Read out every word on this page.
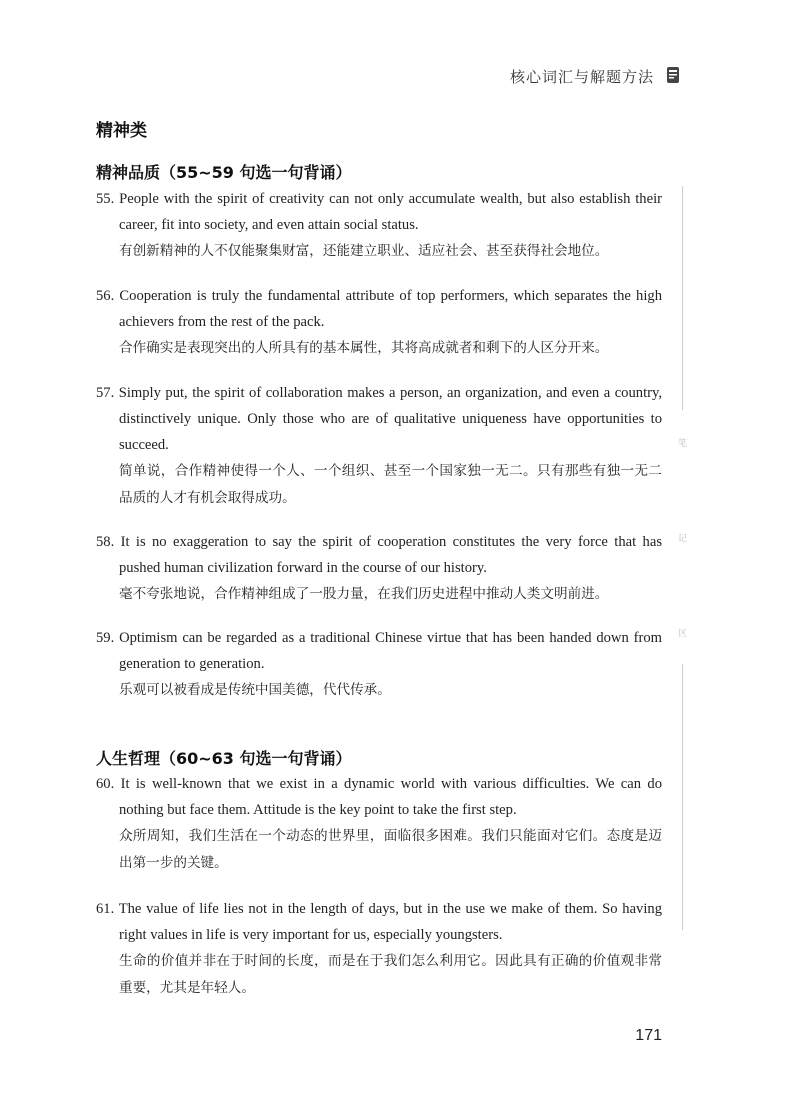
核心词汇与解题方法
精神类
精神品质（55~59 句选一句背诵）
55. People with the spirit of creativity can not only accumulate wealth, but also establish their career, fit into society, and even attain social status.
有创新精神的人不仅能聚集财富，还能建立职业、适应社会、甚至获得社会地位。
56. Cooperation is truly the fundamental attribute of top performers, which separates the high achievers from the rest of the pack.
合作确实是表现突出的人所具有的基本属性，其将高成就者和剩下的人区分开来。
57. Simply put, the spirit of collaboration makes a person, an organization, and even a country, distinctively unique. Only those who are of qualitative uniqueness have opportunities to succeed.
简单说，合作精神使得一个人、一个组织、甚至一个国家独一无二。只有那些有独一无二品质的人才有机会取得成功。
58. It is no exaggeration to say the spirit of cooperation constitutes the very force that has pushed human civilization forward in the course of our history.
毫不夸张地说，合作精神组成了一股力量，在我们历史进程中推动人类文明前进。
59. Optimism can be regarded as a traditional Chinese virtue that has been handed down from generation to generation.
乐观可以被看成是传统中国美德，代代传承。
人生哲理（60~63 句选一句背诵）
60. It is well-known that we exist in a dynamic world with various difficulties. We can do nothing but face them. Attitude is the key point to take the first step.
众所周知，我们生活在一个动态的世界里，面临很多困难。我们只能面对它们。态度是迈出第一步的关键。
61. The value of life lies not in the length of days, but in the use we make of them. So having right values in life is very important for us, especially youngsters.
生命的价值并非在于时间的长度，而是在于我们怎么利用它。因此具有正确的价值观非常重要，尤其是年轻人。
笔
记
区
171
